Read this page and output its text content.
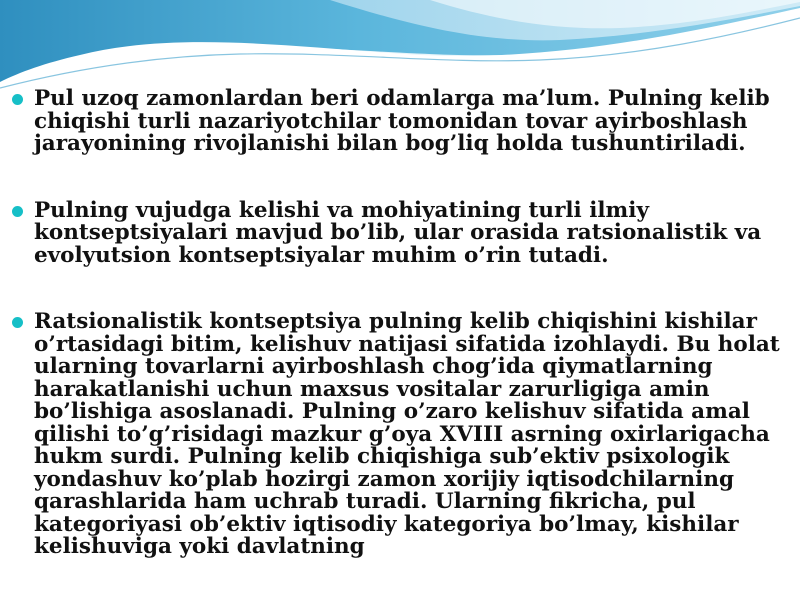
Pul uzoq zamonlardan beri odamlarga ma’lum. Pulning kelib chiqishi turli nazariyotchilar tomonidan tovar ayirboshlash jarayonining rivojlanishi bilan bog’liq holda tushuntiriladi.

Pulning vujudga kelishi va mohiyatining turli ilmiy kontseptsiyalari mavjud bo’lib, ular orasida ratsionalistik va evolyutsion kontseptsiyalar muhim o’rin tutadi.

Ratsionalistik kontseptsiya pulning kelib chiqishini kishilar o’rtasidagi bitim, kelishuv natijasi sifatida izohlaydi. Bu holat ularning tovarlarni ayirboshlash chog’ida qiymatlarning harakatlanishi uchun maxsus vositalar zarurligiga amin bo’lishiga asoslanadi. Pulning o’zaro kelishuv sifatida amal qilishi to’g’risidagi mazkur g’oya XVIII asrning oxirlarigacha hukm surdi. Pulning kelib chiqishiga sub’ektiv psixologik yondashuv ko’plab hozirgi zamon xorijiy iqtisodchilarning qarashlarida ham uchrab turadi. Ularning fikricha, pul kategoriyasi ob’ektiv iqtisodiy kategoriya bo’lmay, kishilar kelishuviga yoki davlatning
